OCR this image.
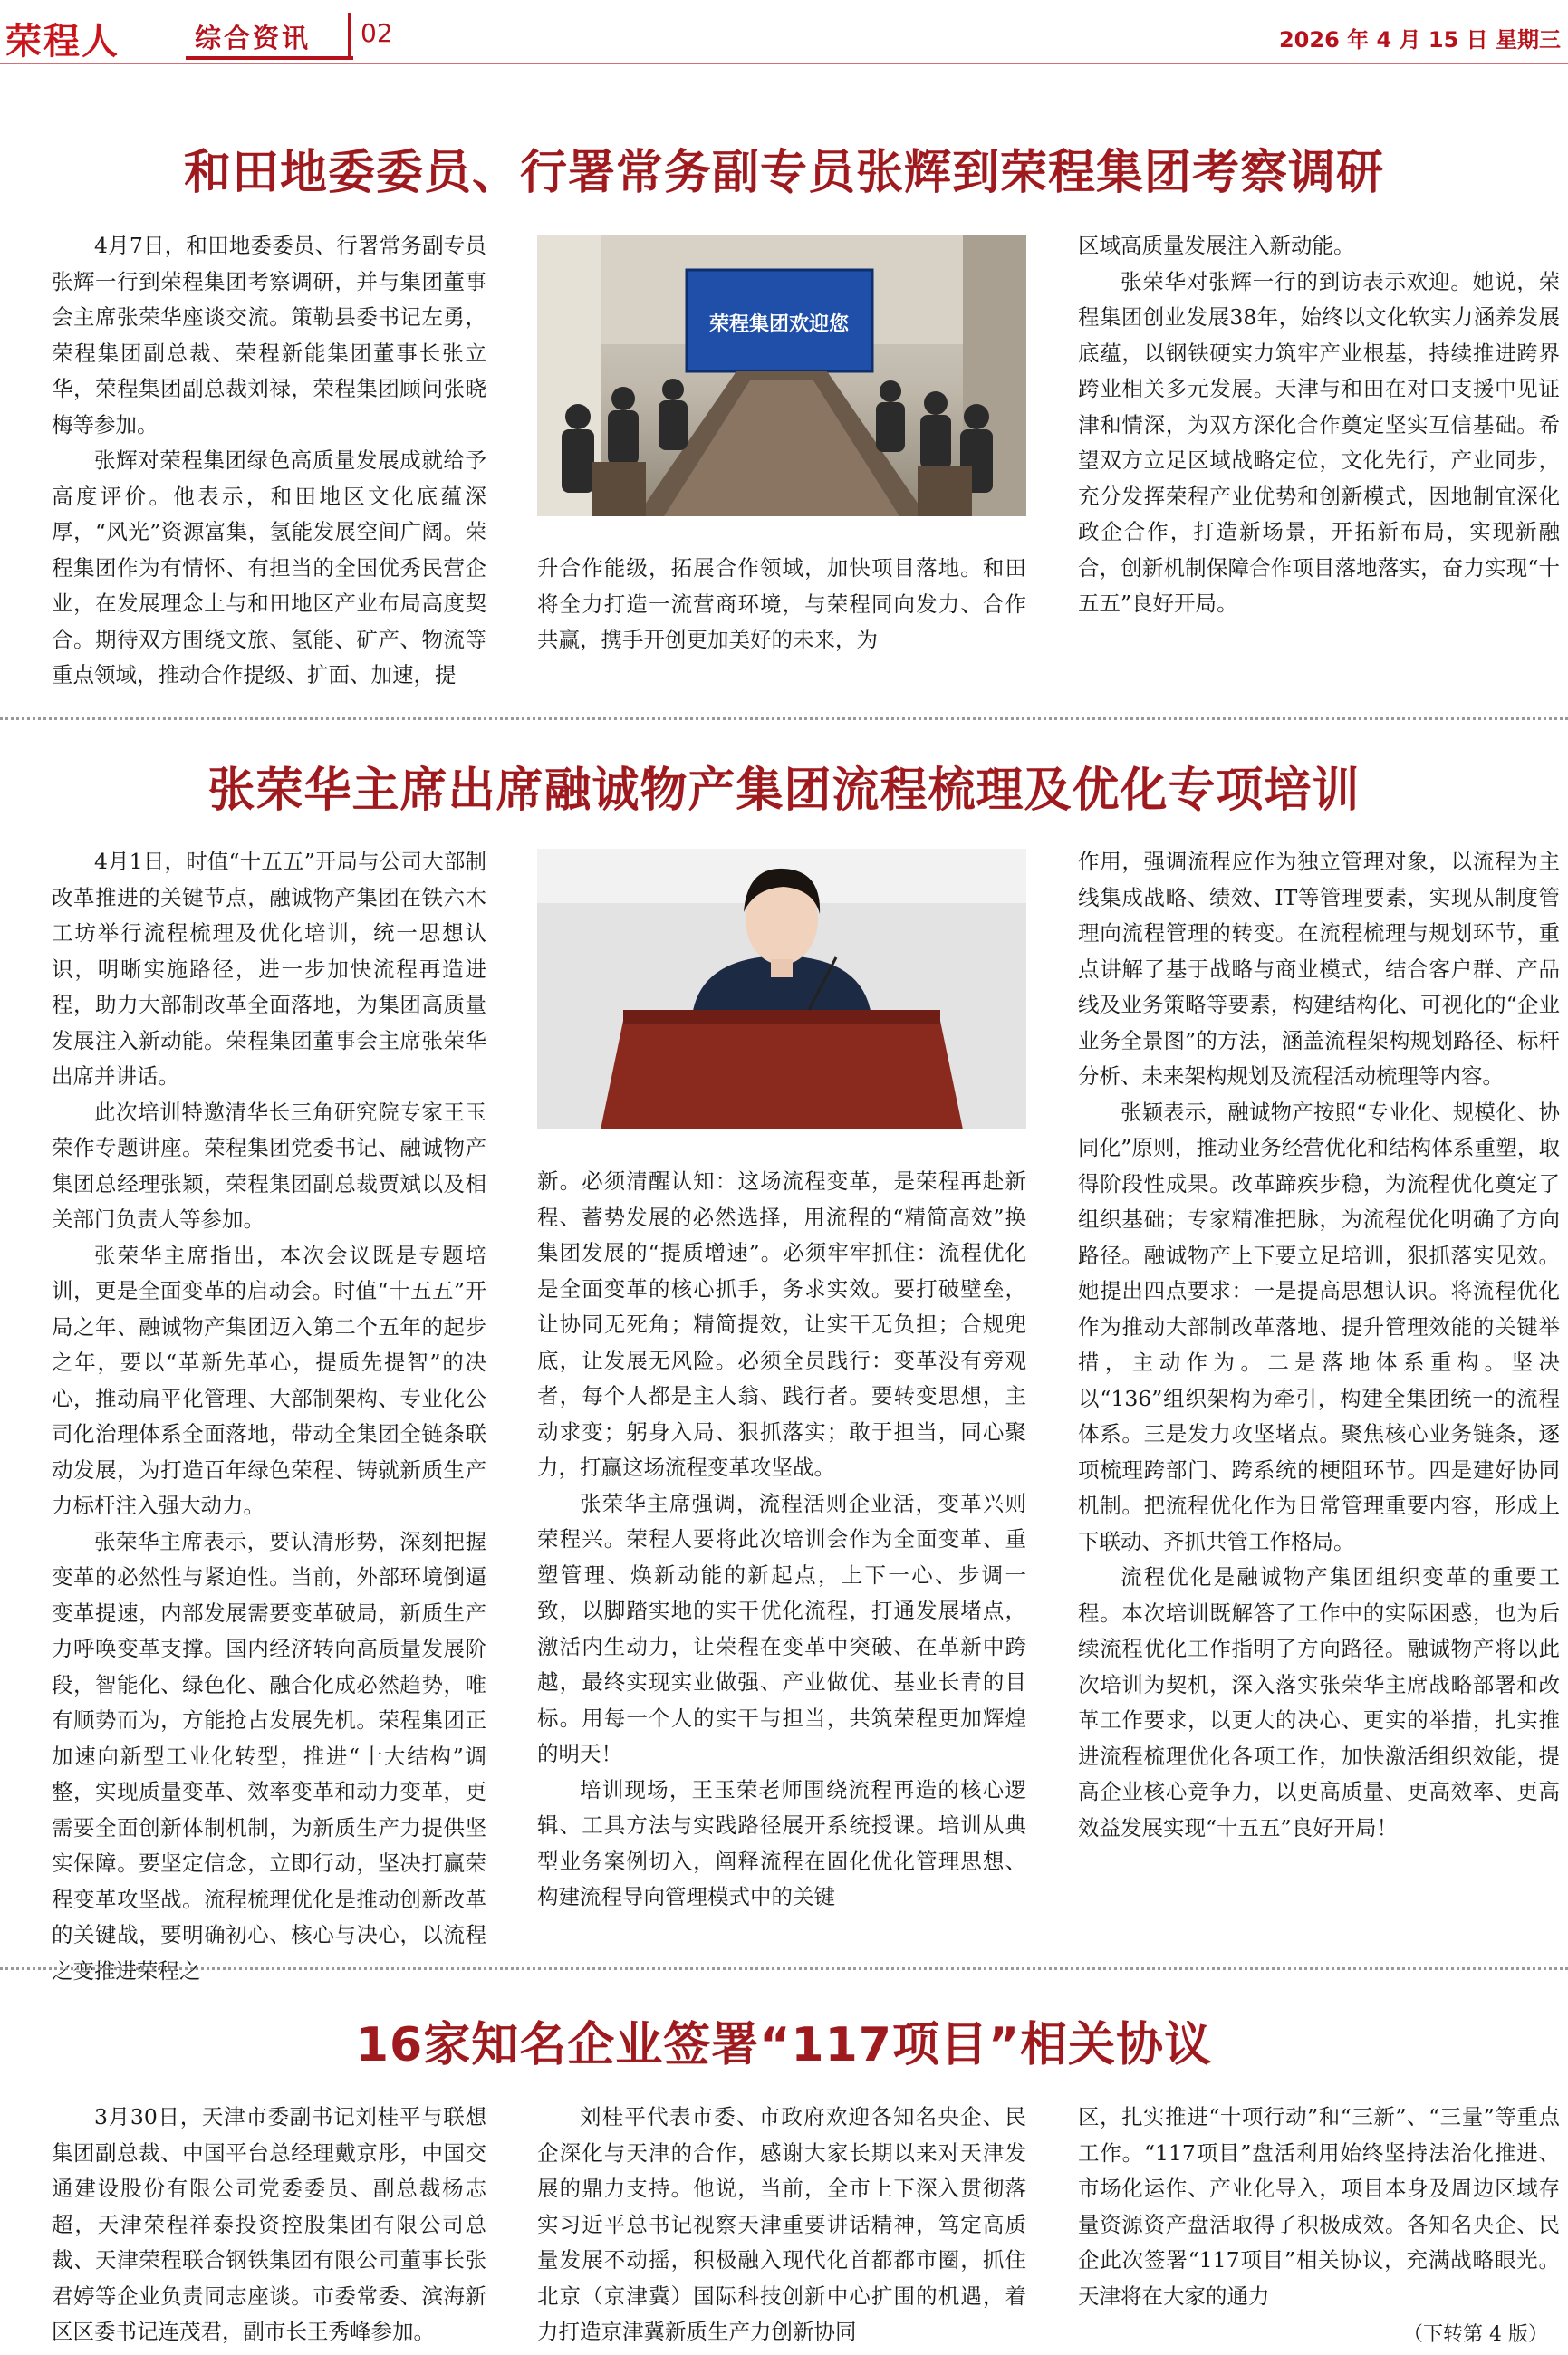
荣程人	综合资讯 02	2026 年 4 月 15 日 星期三
和田地委委员、行署常务副专员张辉到荣程集团考察调研

4月7日，和田地委委员、行署常务副专员张辉一行到荣程集团考察调研，并与集团董事会主席张荣华座谈交流。策勒县委书记左勇，荣程集团副总裁、荣程新能集团董事长张立华，荣程集团副总裁刘禄，荣程集团顾问张晓梅等参加。

张辉对荣程集团绿色高质量发展成就给予高度评价。他表示，和田地区文化底蕴深厚，“风光”资源富集，氢能发展空间广阔。荣程集团作为有情怀、有担当的全国优秀民营企业，在发展理念上与和田地区产业布局高度契合。期待双方围绕文旅、氢能、矿产、物流等重点领域，推动合作提级、扩面、加速，提

荣程集团欢迎您

升合作能级，拓展合作领域，加快项目落地。和田将全力打造一流营商环境，与荣程同向发力、合作共赢，携手开创更加美好的未来，为

区域高质量发展注入新动能。

张荣华对张辉一行的到访表示欢迎。她说，荣程集团创业发展38年，始终以文化软实力涵养发展底蕴，以钢铁硬实力筑牢产业根基，持续推进跨界跨业相关多元发展。天津与和田在对口支援中见证津和情深，为双方深化合作奠定坚实互信基础。希望双方立足区域战略定位，文化先行，产业同步，充分发挥荣程产业优势和创新模式，因地制宜深化政企合作，打造新场景，开拓新布局，实现新融合，创新机制保障合作项目落地落实，奋力实现“十五五”良好开局。

张荣华主席出席融诚物产集团流程梳理及优化专项培训

4月1日，时值“十五五”开局与公司大部制改革推进的关键节点，融诚物产集团在铁六木工坊举行流程梳理及优化培训，统一思想认识，明晰实施路径，进一步加快流程再造进程，助力大部制改革全面落地，为集团高质量发展注入新动能。荣程集团董事会主席张荣华出席并讲话。

此次培训特邀清华长三角研究院专家王玉荣作专题讲座。荣程集团党委书记、融诚物产集团总经理张颖，荣程集团副总裁贾斌以及相关部门负责人等参加。

张荣华主席指出，本次会议既是专题培训，更是全面变革的启动会。时值“十五五”开局之年、融诚物产集团迈入第二个五年的起步之年，要以“革新先革心，提质先提智”的决心，推动扁平化管理、大部制架构、专业化公司化治理体系全面落地，带动全集团全链条联动发展，为打造百年绿色荣程、铸就新质生产力标杆注入强大动力。

张荣华主席表示，要认清形势，深刻把握变革的必然性与紧迫性。当前，外部环境倒逼变革提速，内部发展需要变革破局，新质生产力呼唤变革支撑。国内经济转向高质量发展阶段，智能化、绿色化、融合化成必然趋势，唯有顺势而为，方能抢占发展先机。荣程集团正加速向新型工业化转型，推进“十大结构”调整，实现质量变革、效率变革和动力变革，更需要全面创新体制机制，为新质生产力提供坚实保障。要坚定信念，立即行动，坚决打赢荣程变革攻坚战。流程梳理优化是推动创新改革的关键战，要明确初心、核心与决心，以流程之变推进荣程之

新。必须清醒认知：这场流程变革，是荣程再赴新程、蓄势发展的必然选择，用流程的“精简高效”换集团发展的“提质增速”。必须牢牢抓住：流程优化是全面变革的核心抓手，务求实效。要打破壁垒，让协同无死角；精简提效，让实干无负担；合规兜底，让发展无风险。必须全员践行：变革没有旁观者，每个人都是主人翁、践行者。要转变思想，主动求变；躬身入局、狠抓落实；敢于担当，同心聚力，打赢这场流程变革攻坚战。

张荣华主席强调，流程活则企业活，变革兴则荣程兴。荣程人要将此次培训会作为全面变革、重塑管理、焕新动能的新起点，上下一心、步调一致，以脚踏实地的实干优化流程，打通发展堵点，激活内生动力，让荣程在变革中突破、在革新中跨越，最终实现实业做强、产业做优、基业长青的目标。用每一个人的实干与担当，共筑荣程更加辉煌的明天！

培训现场，王玉荣老师围绕流程再造的核心逻辑、工具方法与实践路径展开系统授课。培训从典型业务案例切入，阐释流程在固化优化管理思想、构建流程导向管理模式中的关键

作用，强调流程应作为独立管理对象，以流程为主线集成战略、绩效、IT等管理要素，实现从制度管理向流程管理的转变。在流程梳理与规划环节，重点讲解了基于战略与商业模式，结合客户群、产品线及业务策略等要素，构建结构化、可视化的“企业业务全景图”的方法，涵盖流程架构规划路径、标杆分析、未来架构规划及流程活动梳理等内容。

张颖表示，融诚物产按照“专业化、规模化、协同化”原则，推动业务经营优化和结构体系重塑，取得阶段性成果。改革蹄疾步稳，为流程优化奠定了组织基础；专家精准把脉，为流程优化明确了方向路径。融诚物产上下要立足培训，狠抓落实见效。她提出四点要求：一是提高思想认识。将流程优化作为推动大部制改革落地、提升管理效能的关键举措，主动作为。二是落地体系重构。坚决以“136”组织架构为牵引，构建全集团统一的流程体系。三是发力攻坚堵点。聚焦核心业务链条，逐项梳理跨部门、跨系统的梗阻环节。四是建好协同机制。把流程优化作为日常管理重要内容，形成上下联动、齐抓共管工作格局。

流程优化是融诚物产集团组织变革的重要工程。本次培训既解答了工作中的实际困惑，也为后续流程优化工作指明了方向路径。融诚物产将以此次培训为契机，深入落实张荣华主席战略部署和改革工作要求，以更大的决心、更实的举措，扎实推进流程梳理优化各项工作，加快激活组织效能，提高企业核心竞争力，以更高质量、更高效率、更高效益发展实现“十五五”良好开局！

16家知名企业签署“117项目”相关协议

3月30日，天津市委副书记刘桂平与联想集团副总裁、中国平台总经理戴京彤，中国交通建设股份有限公司党委委员、副总裁杨志超，天津荣程祥泰投资控股集团有限公司总裁、天津荣程联合钢铁集团有限公司董事长张君婷等企业负责同志座谈。市委常委、滨海新区区委书记连茂君，副市长王秀峰参加。

刘桂平代表市委、市政府欢迎各知名央企、民企深化与天津的合作，感谢大家长期以来对天津发展的鼎力支持。他说，当前，全市上下深入贯彻落实习近平总书记视察天津重要讲话精神，笃定高质量发展不动摇，积极融入现代化首都都市圈，抓住北京（京津冀）国际科技创新中心扩围的机遇，着力打造京津冀新质生产力创新协同

区，扎实推进“十项行动”和“三新”、“三量”等重点工作。“117项目”盘活利用始终坚持法治化推进、市场化运作、产业化导入，项目本身及周边区域存量资源资产盘活取得了积极成效。各知名央企、民企此次签署“117项目”相关协议，充满战略眼光。天津将在大家的通力

（下转第 4 版）
